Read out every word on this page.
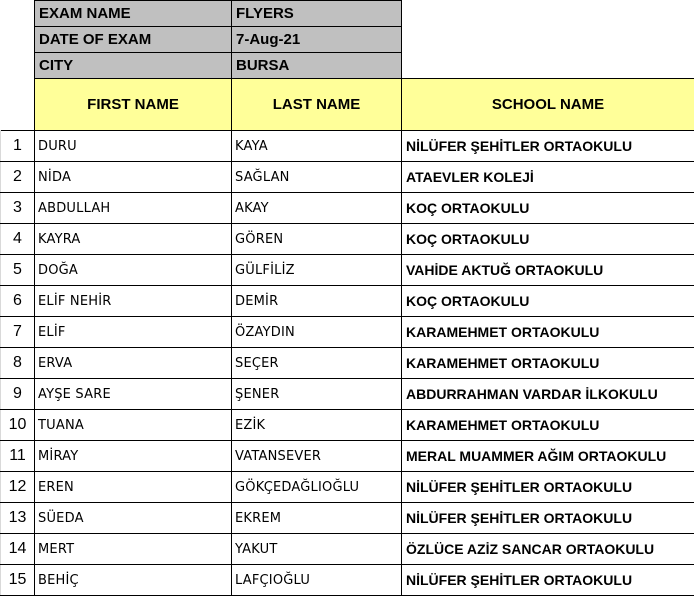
	EXAM NAME	FLYERS	
	DATE OF EXAM	7-Aug-21	
	CITY	BURSA	
	FIRST NAME	LAST NAME	SCHOOL NAME
1	DURU	KAYA	NİLÜFER ŞEHİTLER ORTAOKULU
2	NİDA	SAĞLAN	ATAEVLER KOLEJİ
3	ABDULLAH	AKAY	KOÇ ORTAOKULU
4	KAYRA	GÖREN	KOÇ ORTAOKULU
5	DOĞA	GÜLFİLİZ	VAHİDE AKTUĞ ORTAOKULU
6	ELİF NEHİR	DEMİR	KOÇ ORTAOKULU
7	ELİF	ÖZAYDIN	KARAMEHMET ORTAOKULU
8	ERVA	SEÇER	KARAMEHMET ORTAOKULU
9	AYŞE SARE	ŞENER	ABDURRAHMAN VARDAR İLKOKULU
10	TUANA	EZİK	KARAMEHMET ORTAOKULU
11	MİRAY	VATANSEVER	MERAL MUAMMER AĞIM ORTAOKULU
12	EREN	GÖKÇEDAĞLIOĞLU	NİLÜFER ŞEHİTLER ORTAOKULU
13	SÜEDA	EKREM	NİLÜFER ŞEHİTLER ORTAOKULU
14	MERT	YAKUT	ÖZLÜCE AZİZ SANCAR ORTAOKULU
15	BEHİÇ	LAFÇIOĞLU	NİLÜFER ŞEHİTLER ORTAOKULU
